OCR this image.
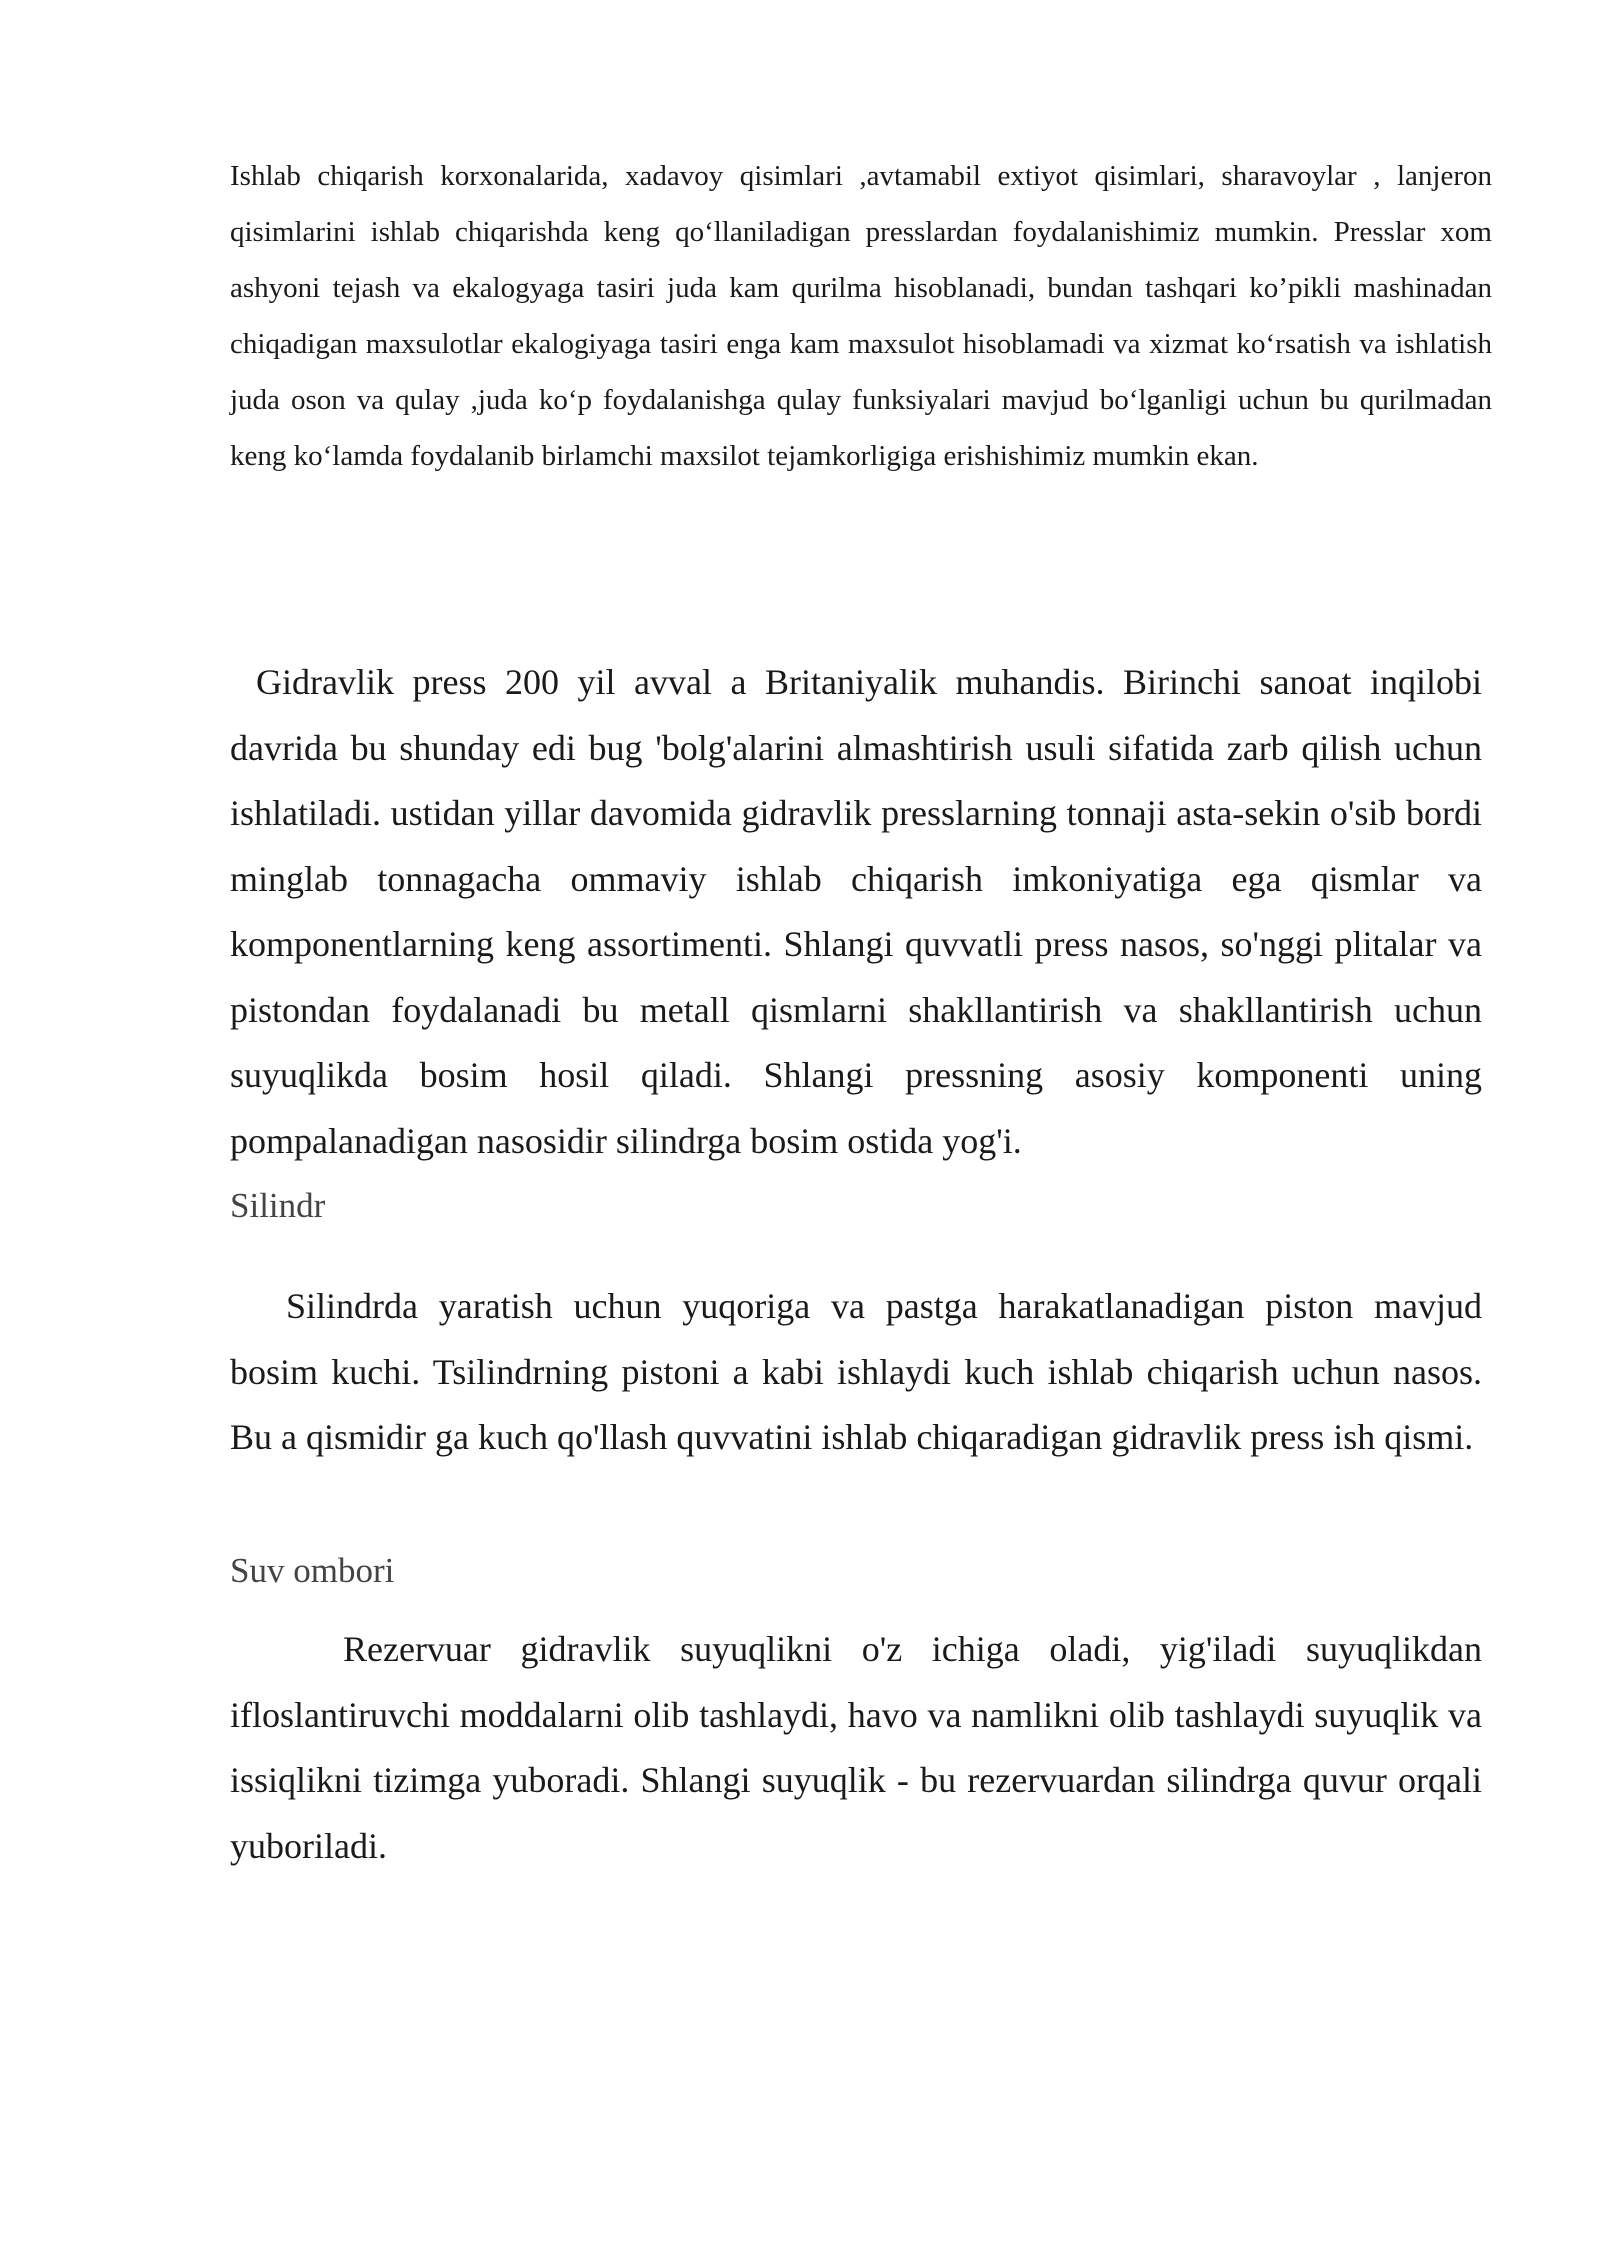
Ishlab chiqarish korxonalarida, xadavoy qisimlari ,avtamabil extiyot qisimlari, sharavoylar , lanjeron qisimlarini ishlab chiqarishda keng qo‘llaniladigan presslardan foydalanishimiz mumkin. Presslar xom ashyoni tejash va ekalogyaga tasiri juda kam qurilma hisoblanadi, bundan tashqari ko’pikli mashinadan chiqadigan maxsulotlar ekalogiyaga tasiri enga kam maxsulot hisoblamadi va xizmat ko‘rsatish va ishlatish juda oson va qulay ,juda ko‘p foydalanishga qulay funksiyalari mavjud bo‘lganligi uchun bu qurilmadan keng ko‘lamda foydalanib birlamchi maxsilot tejamkorligiga erishishimiz mumkin ekan.

Gidravlik press 200 yil avval a Britaniyalik muhandis. Birinchi sanoat inqilobi davrida bu shunday edi bug 'bolg'alarini almashtirish usuli sifatida zarb qilish uchun ishlatiladi. ustidan yillar davomida gidravlik presslarning tonnaji asta-sekin o'sib bordi minglab tonnagacha ommaviy ishlab chiqarish imkoniyatiga ega qismlar va komponentlarning keng assortimenti. Shlangi quvvatli press nasos, so'nggi plitalar va pistondan foydalanadi bu metall qismlarni shakllantirish va shakllantirish uchun suyuqlikda bosim hosil qiladi. Shlangi pressning asosiy komponenti uning pompalanadigan nasosidir silindrga bosim ostida yog'i.

Silindr

Silindrda yaratish uchun yuqoriga va pastga harakatlanadigan piston mavjud bosim kuchi. Tsilindrning pistoni a kabi ishlaydi kuch ishlab chiqarish uchun nasos. Bu a qismidir ga kuch qo'llash quvvatini ishlab chiqaradigan gidravlik press ish qismi.

Suv ombori

Rezervuar gidravlik suyuqlikni o'z ichiga oladi, yig'iladi suyuqlikdan ifloslantiruvchi moddalarni olib tashlaydi, havo va namlikni olib tashlaydi suyuqlik va issiqlikni tizimga yuboradi. Shlangi suyuqlik - bu rezervuardan silindrga quvur orqali yuboriladi.
